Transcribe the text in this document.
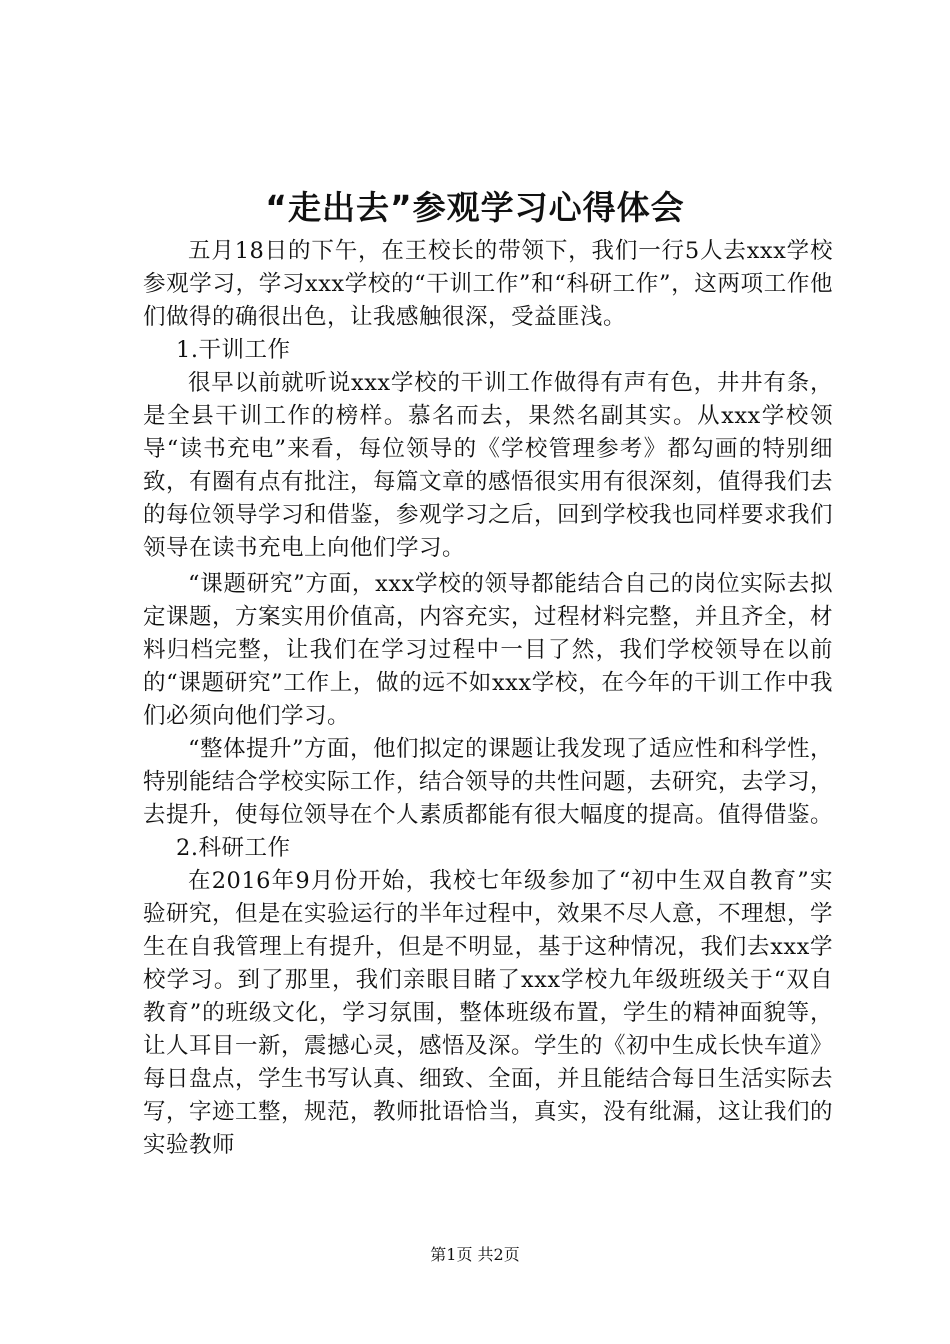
“走出去”参观学习心得体会

五月18日的下午，在王校长的带领下，我们一行5人去xxx学校参观学习，学习xxx学校的“干训工作”和“科研工作”，这两项工作他们做得的确很出色，让我感触很深，受益匪浅。

1.干训工作

很早以前就听说xxx学校的干训工作做得有声有色，井井有条，是全县干训工作的榜样。慕名而去，果然名副其实。从xxx学校领导“读书充电”来看，每位领导的《学校管理参考》都勾画的特别细致，有圈有点有批注，每篇文章的感悟很实用有很深刻，值得我们去的每位领导学习和借鉴，参观学习之后，回到学校我也同样要求我们领导在读书充电上向他们学习。

“课题研究”方面，xxx学校的领导都能结合自己的岗位实际去拟定课题，方案实用价值高，内容充实，过程材料完整，并且齐全，材料归档完整，让我们在学习过程中一目了然，我们学校领导在以前的“课题研究”工作上，做的远不如xxx学校，在今年的干训工作中我们必须向他们学习。

“整体提升”方面，他们拟定的课题让我发现了适应性和科学性，特别能结合学校实际工作，结合领导的共性问题，去研究，去学习，去提升，使每位领导在个人素质都能有很大幅度的提高。值得借鉴。

2.科研工作

在2016年9月份开始，我校七年级参加了“初中生双自教育”实验研究，但是在实验运行的半年过程中，效果不尽人意，不理想，学生在自我管理上有提升，但是不明显，基于这种情况，我们去xxx学校学习。到了那里，我们亲眼目睹了xxx学校九年级班级关于“双自教育”的班级文化，学习氛围，整体班级布置，学生的精神面貌等，让人耳目一新，震撼心灵，感悟及深。学生的《初中生成长快车道》每日盘点，学生书写认真、细致、全面，并且能结合每日生活实际去写，字迹工整，规范，教师批语恰当，真实，没有纰漏，这让我们的实验教师

第1页 共2页
